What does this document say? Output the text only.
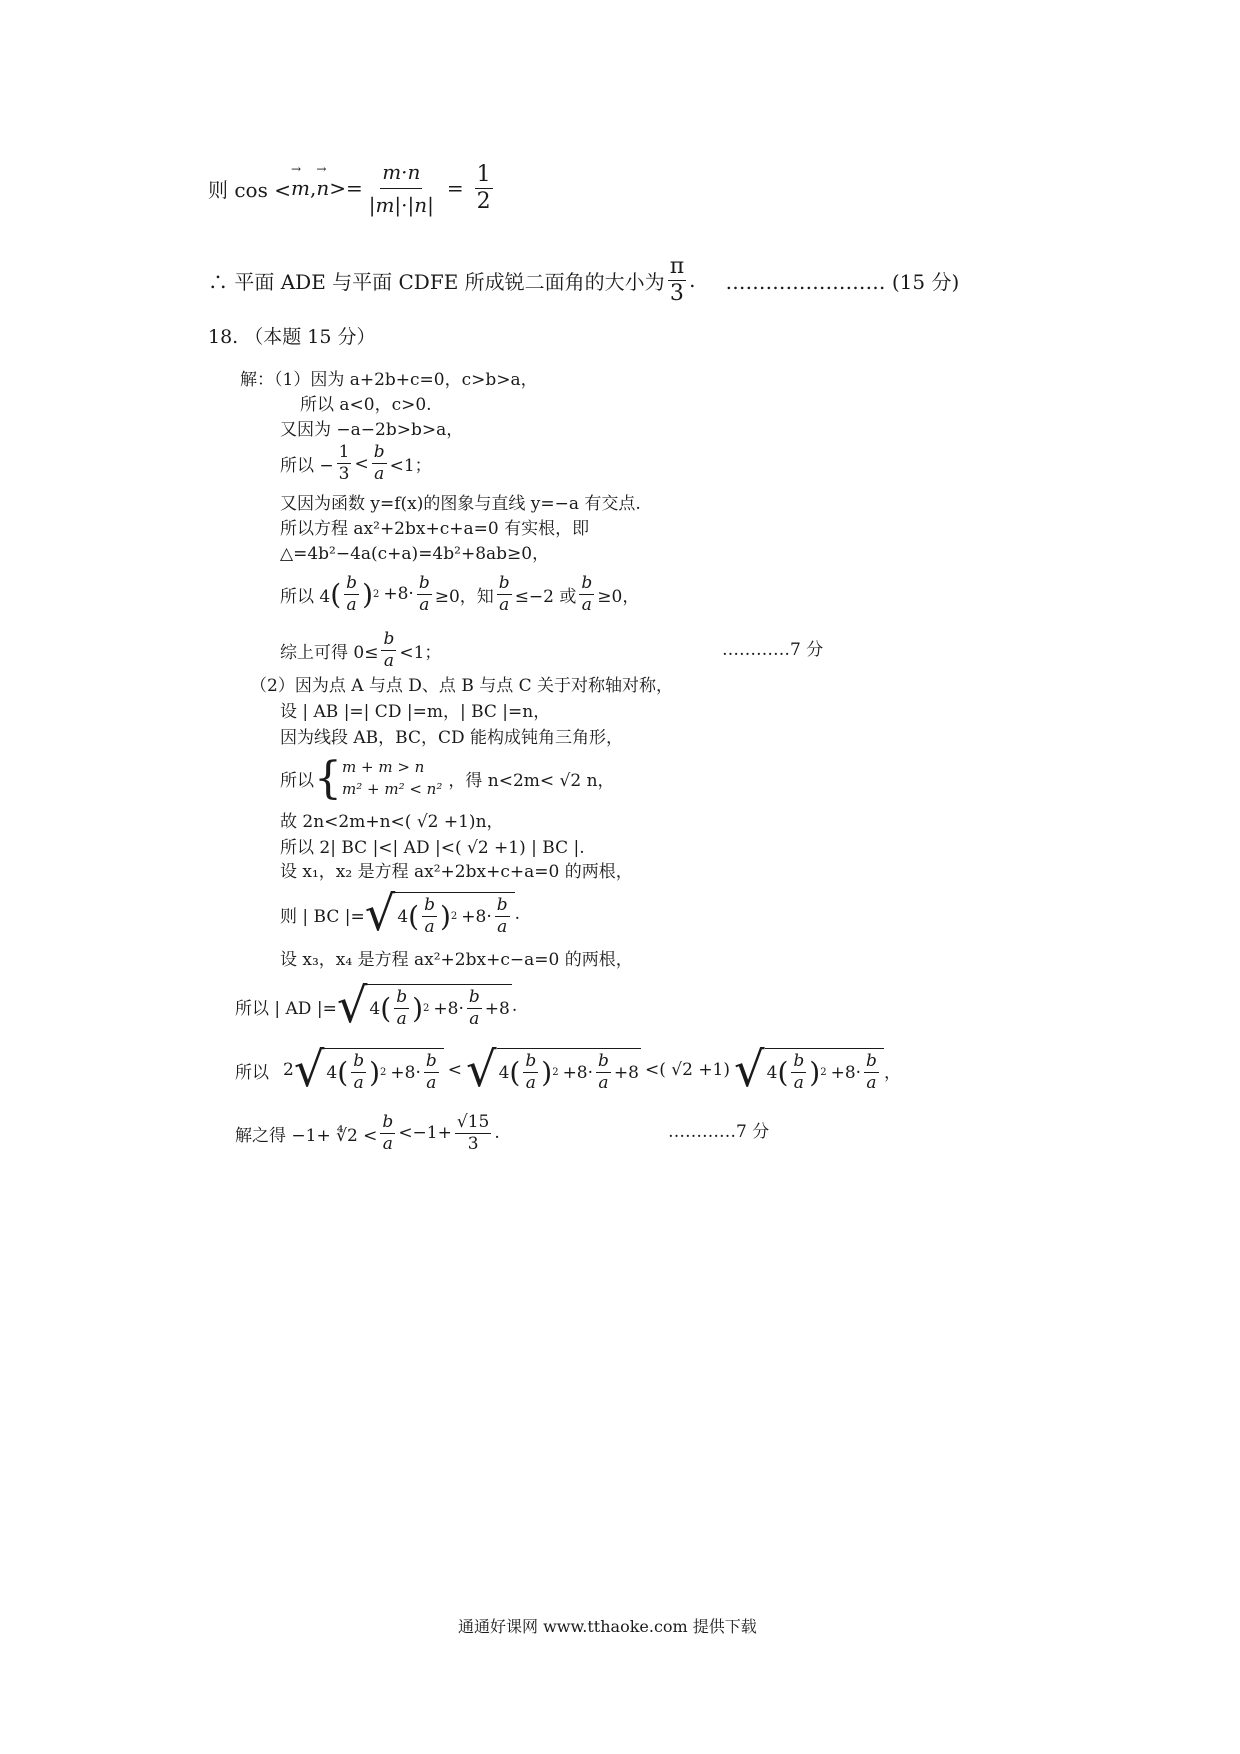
则 cos < → m , → $n >= \frac{m\cdot n}{|m|\cdot|n|} = \frac{1}{2}$
∴ 平面 ADE 与平面 CDFE 所成锐二面角的大小为 $\frac{\pi}{3}$ . …………………… (15 分)
18. （本题 15 分）
解：（1）因为 a+2b+c=0，c>b>a，
所以 a<0，c>0.
又因为 −a−2b>b>a，
所以 − $\frac{1}{3} < \frac{b}{a} <1$；
又因为函数 y=f(x)的图象与直线 y=−a 有交点.
所以方程 ax²+2bx+c+a=0 有实根，即
△=4b²−4a(c+a)=4b²+8ab≥0，
所以 4 ( $\frac{b}{a}$ ) $2 +8\cdot \frac{b}{a} \ge 0$，知 $\frac{b}{a} \le-2$ 或 $\frac{b}{a} \ge 0$，
综上可得 $0\le \frac{b}{a} <1$；	…………7 分
（2）因为点 A 与点 D、点 B 与点 C 关于对称轴对称，
设 | AB |=| CD |=m，| BC |=n，
因为线段 AB，BC，CD 能构成钝角三角形，
所以 { m + m > n
m² + m² < n² ，得 n<2m< √2 n，
故 2n<2m+n<( √2 +1)n，
所以 2| BC |<| AD |<( √2 +1) | BC |.
设 x₁，x₂ 是方程 ax²+2bx+c+a=0 的两根，
则 | BC |= √ 4 ( $\frac{b}{a}$ ) $2 +8\cdot \frac{b}{a}$ .
设 x₃，x₄ 是方程 ax²+2bx+c−a=0 的两根，
所以 | AD |= √ 4 ( $\frac{b}{a}$ ) $2 +8\cdot \frac{b}{a} +8$ .
所以 2 √ 4 ( $\frac{b}{a}$ ) $2 +8\cdot \frac{b}{a}$ < √ 4 ( $\frac{b}{a}$ ) $2 +8\cdot \frac{b}{a} +8$ <( √2 +1) √ 4 ( $\frac{b}{a}$ ) $2 +8\cdot \frac{b}{a}$ ，
解之得 −1+ ∜2 < $\frac{b}{a} <-1+ \frac{√15}{3}$ .	…………7 分
通通好课网 www.tthaoke.com 提供下载
